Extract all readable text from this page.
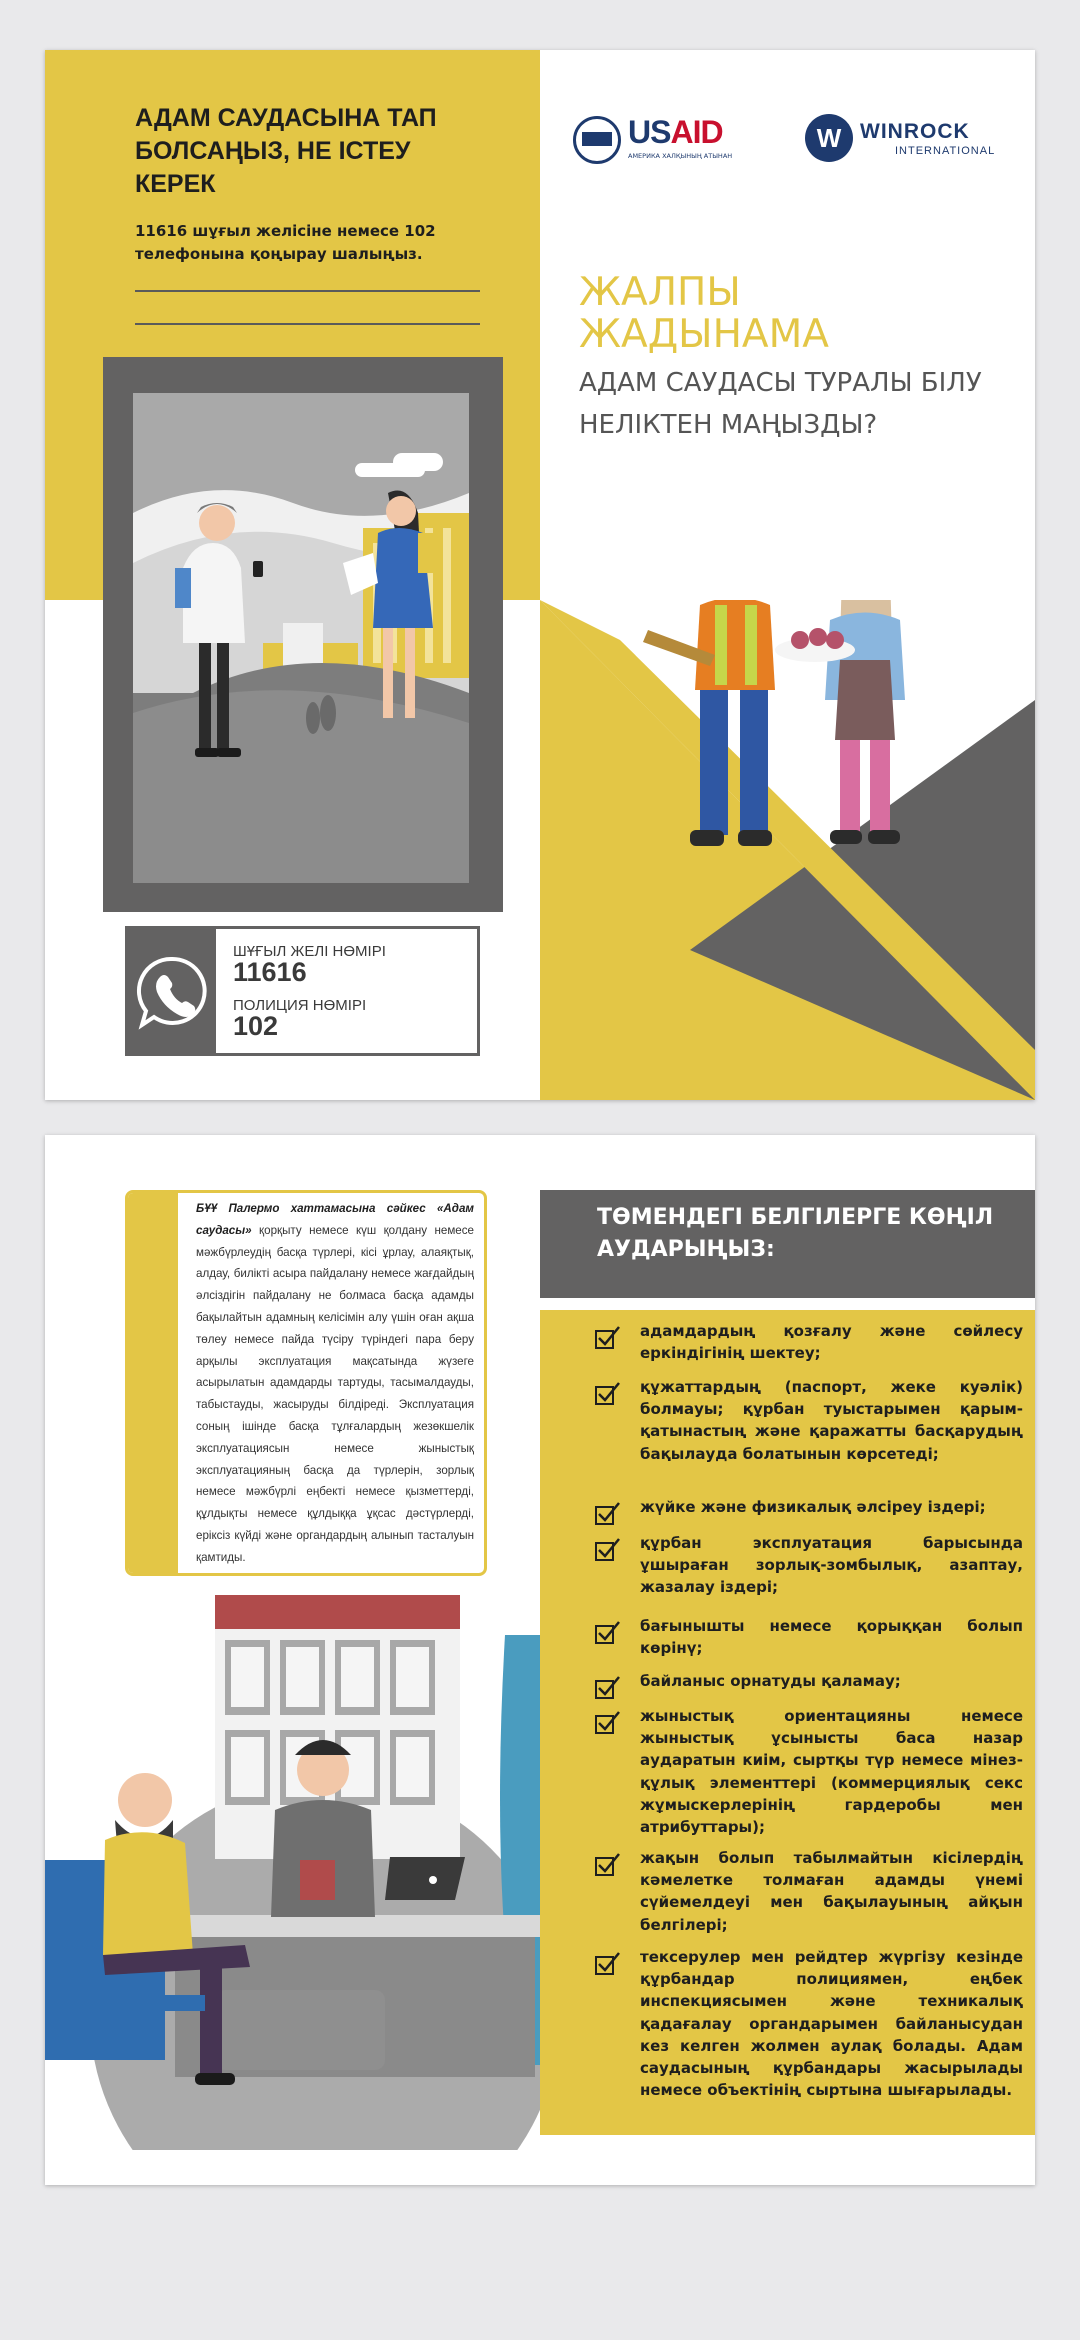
АДАМ САУДАСЫНА ТАП БОЛСАҢЫЗ, НЕ ІСТЕУ КЕРЕК
11616 шұғыл желісіне немесе 102 телефонына қоңырау шалыңыз.
ШҰҒЫЛ ЖЕЛІ НӨМІРІ
11616
ПОЛИЦИЯ НӨМІРІ
102
USAID
АМЕРИКА ХАЛҚЫНЫҢ АТЫНАН
W WINROCK
INTERNATIONAL
ЖАЛПЫ ЖАДЫНАМА
АДАМ САУДАСЫ ТУРАЛЫ БІЛУ НЕЛІКТЕН МАҢЫЗДЫ?
БҰҰ Палермо хаттамасына сәйкес «Адам саудасы» қорқыту немесе күш қолдану немесе мәжбүрлеудің басқа түрлері, кісі ұрлау, алаяқтық, алдау, билікті асыра пайдалану немесе жағдайдың әлсіздігін пайдалану не болмаса басқа адамды бақылайтын адамның келісімін алу үшін оған ақша төлеу немесе пайда түсіру түріндегі пара беру арқылы эксплуатация мақсатында жүзеге асырылатын адамдарды тартуды, тасымалдауды, табыстауды, жасыруды білдіреді. Эксплуатация соның ішінде басқа тұлғалардың жезөкшелік эксплуатациясын немесе жыныстық эксплуатацияның басқа да түрлерін, зорлық немесе мәжбүрлі еңбекті немесе қызметтерді, құлдықты немесе құлдыққа ұқсас дәстүрлерді, еріксіз күйді және органдардың алынып тасталуын қамтиды.
ТӨМЕНДЕГІ БЕЛГІЛЕРГЕ КӨҢІЛ АУДАРЫҢЫЗ:
адамдардың қозғалу және сөйлесу еркіндігінің шектеу;
құжаттардың (паспорт, жеке куәлік) болмауы; құрбан туыстарымен қарым-қатынастың және қаражатты басқарудың бақылауда болатынын көрсетеді;
жүйке және физикалық әлсіреу іздері;
құрбан эксплуатация барысында ұшыраған зорлық-зомбылық, азаптау, жазалау іздері;
бағынышты немесе қорыққан болып көрінү;
байланыс орнатуды қаламау;
жыныстық ориентацияны немесе жыныстық ұсынысты баса назар аударатын киім, сыртқы түр немесе мінез-құлық элементтері (коммерциялық секс жұмыскерлерінің гардеробы мен атрибуттары);
жақын болып табылмайтын кісілердің кәмелетке толмаған адамды үнемі сүйемелдеуі мен бақылауының айқын белгілері;
тексерулер мен рейдтер жүргізу кезінде құрбандар полициямен, еңбек инспекциясымен және техникалық қадағалау органдарымен байланысудан кез келген жолмен аулақ болады. Адам саудасының құрбандары жасырылады немесе объектінің сыртына шығарылады.
